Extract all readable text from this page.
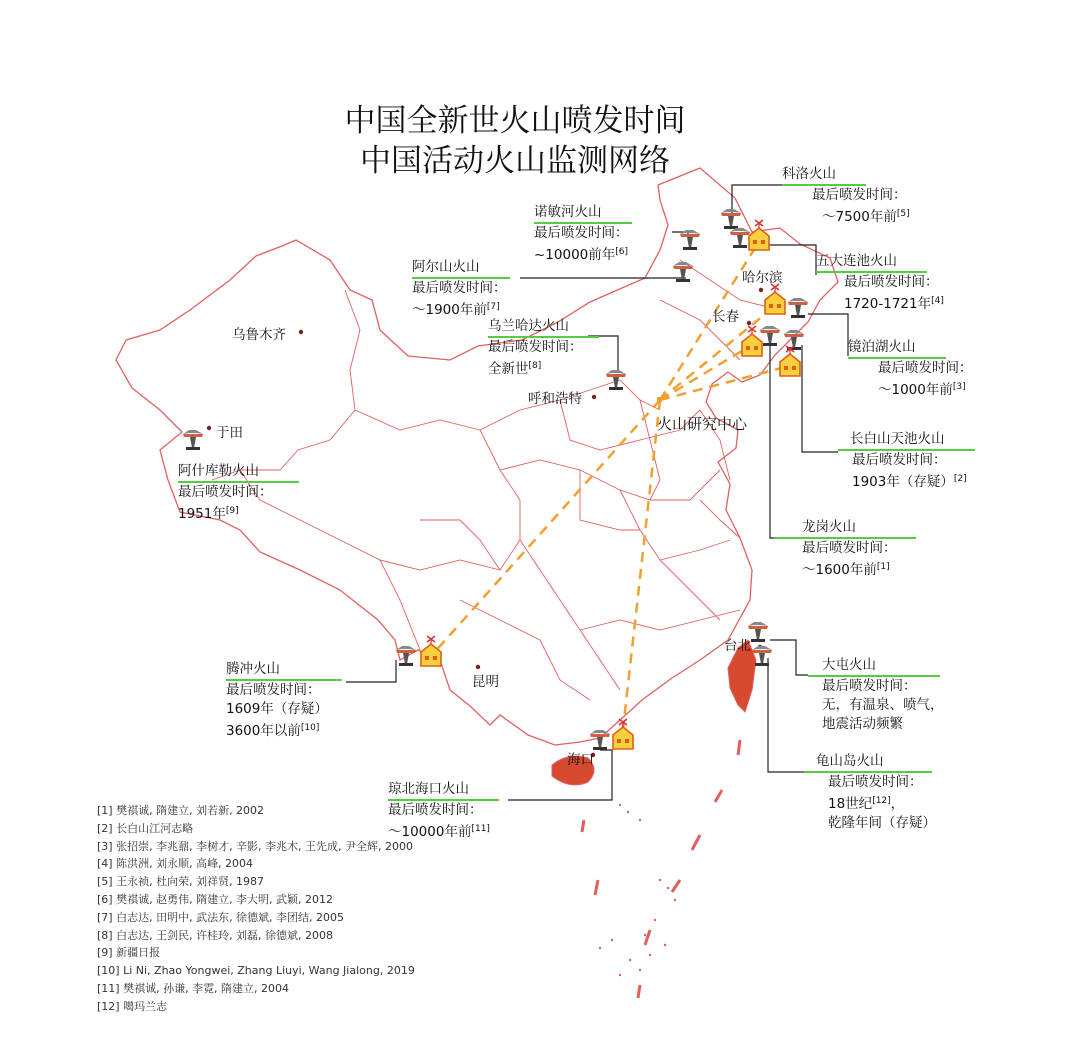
中国全新世火山喷发时间
中国活动火山监测网络
乌鲁木齐
于田
哈尔滨
长春
呼和浩特
昆明
海口
台北
火山研究中心
科洛火山
最后喷发时间：
～7500年前[5]
诺敏河火山
最后喷发时间：
~10000前年[6]
五大连池火山
最后喷发时间：
1720-1721年[4]
阿尔山火山
最后喷发时间：
～1900年前[7]
乌兰哈达火山
最后喷发时间：
全新世[8]
镜泊湖火山
最后喷发时间：
～1000年前[3]
长白山天池火山
最后喷发时间：
1903年（存疑）[2]
阿什库勒火山
最后喷发时间：
1951年[9]
龙岗火山
最后喷发时间：
～1600年前[1]
腾冲火山
最后喷发时间：
1609年（存疑）
3600年以前[10]
大屯火山
最后喷发时间：
无，有温泉、喷气，
地震活动频繁
龟山岛火山
最后喷发时间：
18世纪[12]，
乾隆年间（存疑）
琼北海口火山
最后喷发时间：
～10000年前[11]
[1] 樊祺诚, 隋建立, 刘若新, 2002
[2] 长白山江河志略
[3] 张招崇, 李兆鼐, 李树才, 辛影, 李兆木, 王先成, 尹全辉, 2000
[4] 陈洪洲, 刘永顺, 高峰, 2004
[5] 王永祯, 杜向荣, 刘祥贤, 1987
[6] 樊祺诚, 赵勇伟, 隋建立, 李大明, 武颖, 2012
[7] 白志达, 田明中, 武法东, 徐德斌, 李团结, 2005
[8] 白志达, 王剑民, 许桂玲, 刘磊, 徐德斌, 2008
[9] 新疆日报
[10] Li Ni, Zhao Yongwei, Zhang Liuyi, Wang Jialong, 2019
[11] 樊祺诚, 孙谦, 李霓, 隋建立, 2004
[12] 噶玛兰志
